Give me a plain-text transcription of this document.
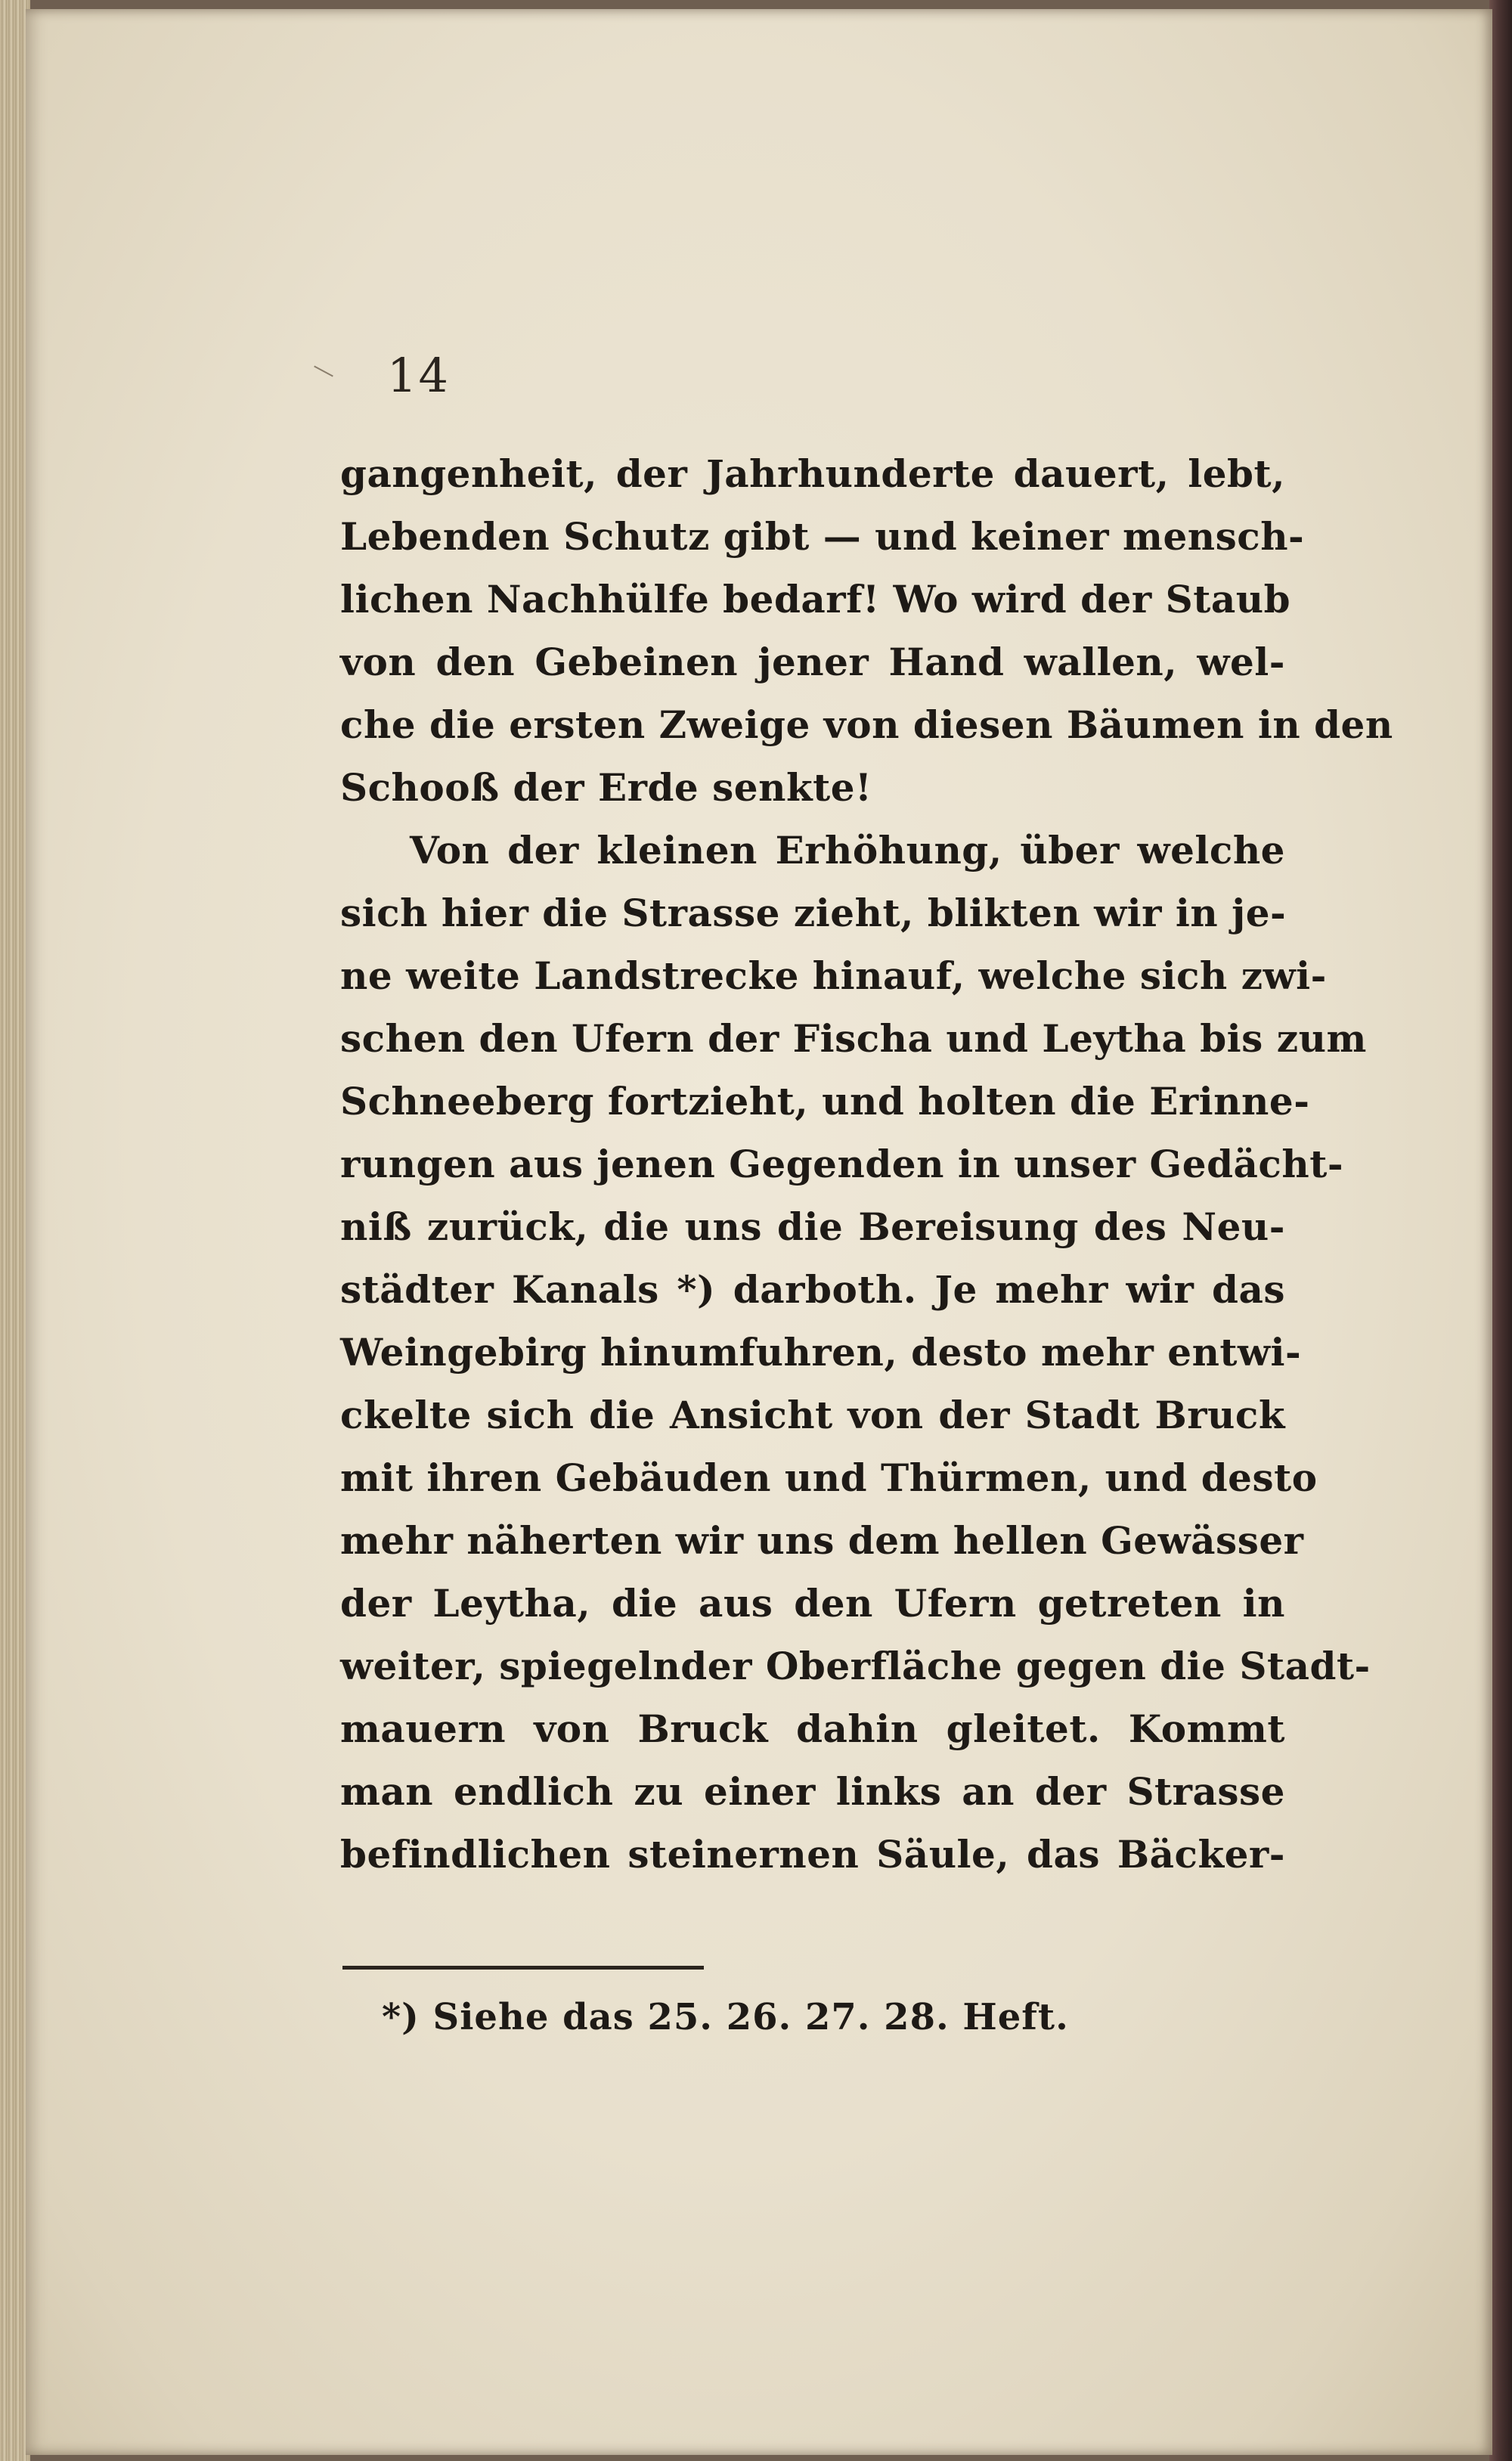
14
gangenheit, der Jahrhunderte dauert, lebt,
Lebenden Schutz gibt — und keiner mensch-
lichen Nachhülfe bedarf! Wo wird der Staub
von den Gebeinen jener Hand wallen, wel-
che die ersten Zweige von diesen Bäumen in den
Schooß der Erde senkte!
Von der kleinen Erhöhung, über welche
sich hier die Strasse zieht, blikten wir in je-
ne weite Landstrecke hinauf, welche sich zwi-
schen den Ufern der Fischa und Leytha bis zum
Schneeberg fortzieht, und holten die Erinne-
rungen aus jenen Gegenden in unser Gedächt-
niß zurück, die uns die Bereisung des Neu-
städter Kanals *) darboth. Je mehr wir das
Weingebirg hinumfuhren, desto mehr entwi-
ckelte sich die Ansicht von der Stadt Bruck
mit ihren Gebäuden und Thürmen, und desto
mehr näherten wir uns dem hellen Gewässer
der Leytha, die aus den Ufern getreten in
weiter, spiegelnder Oberfläche gegen die Stadt-
mauern von Bruck dahin gleitet. Kommt
man endlich zu einer links an der Strasse
befindlichen steinernen Säule, das Bäcker-
*) Siehe das 25. 26. 27. 28. Heft.
